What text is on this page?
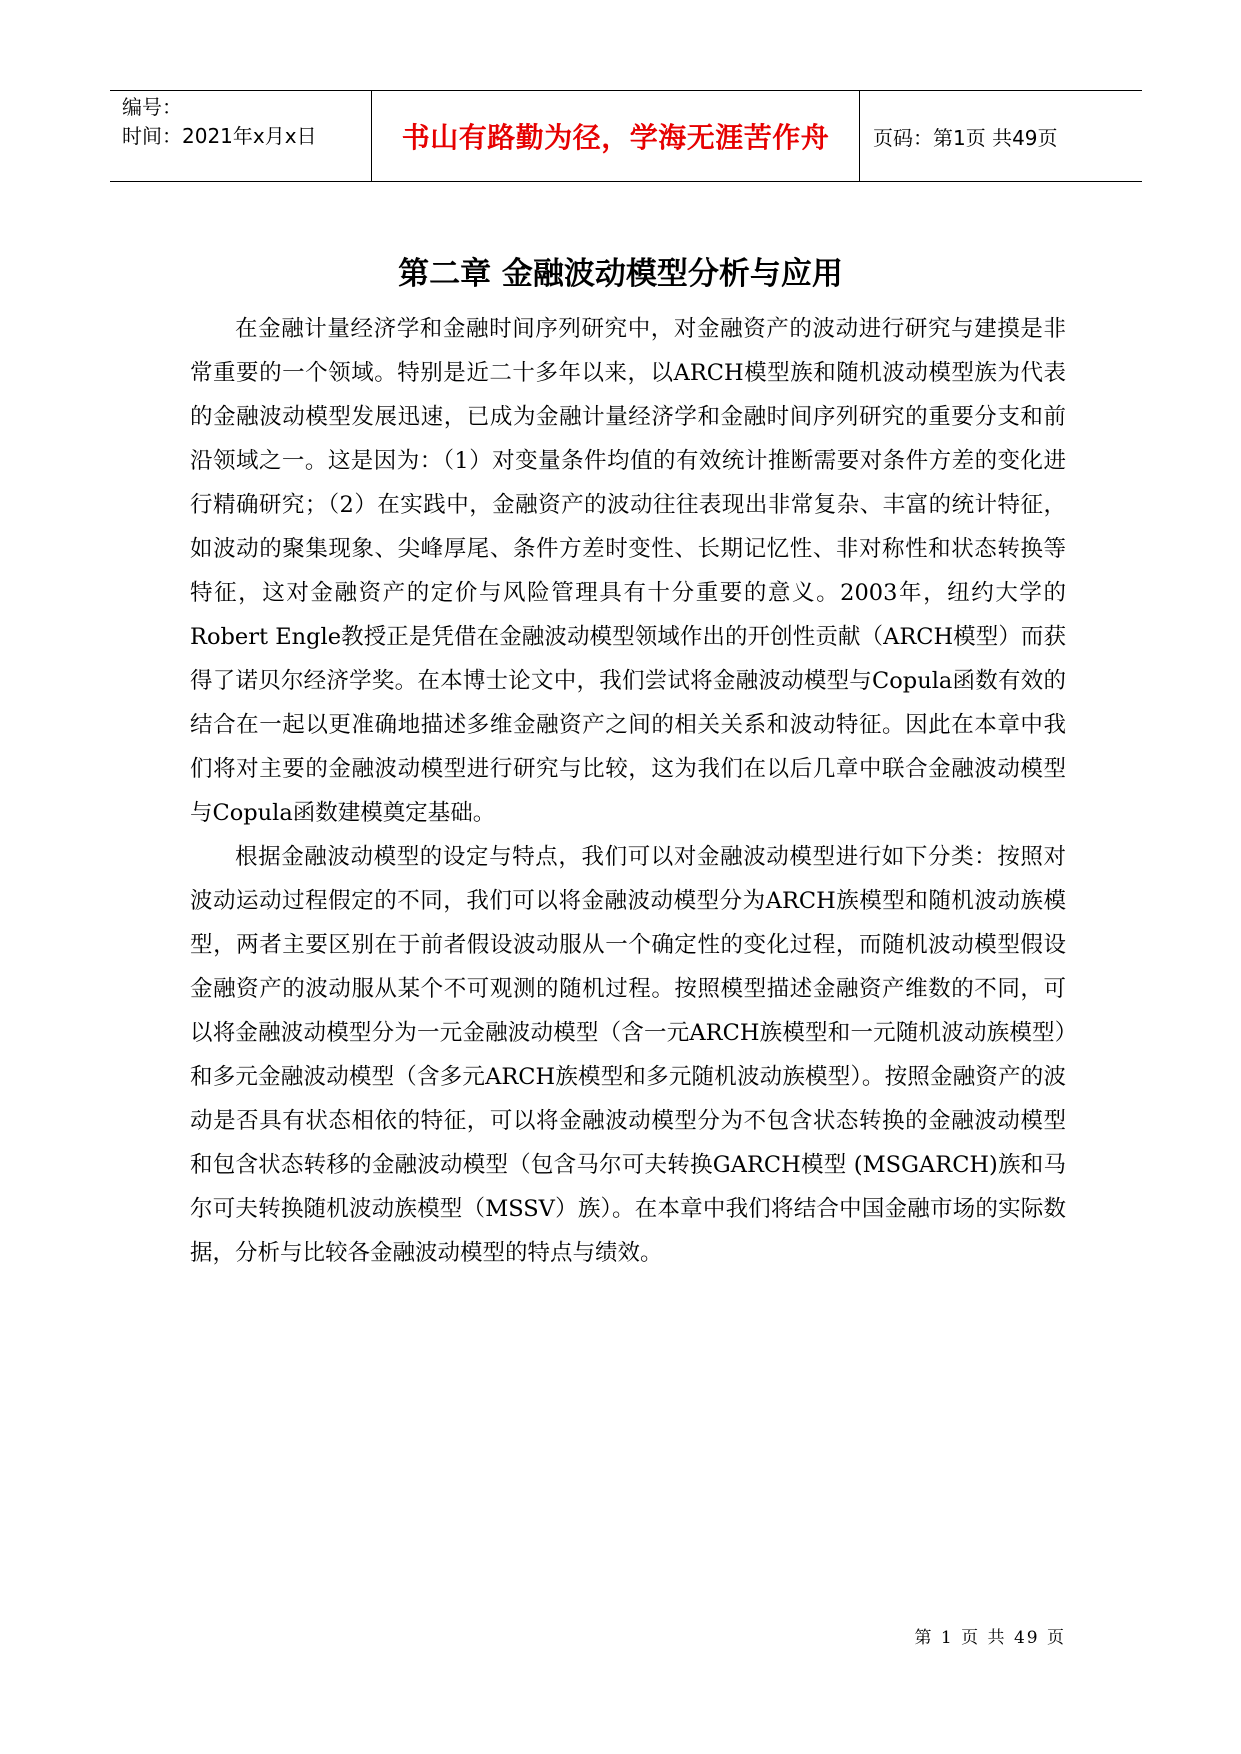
编号：
时间：2021年x月x日	书山有路勤为径，学海无涯苦作舟	页码：第1页 共49页
第二章 金融波动模型分析与应用

在金融计量经济学和金融时间序列研究中，对金融资产的波动进行研究与建摸是非常重要的一个领域。特别是近二十多年以来，以ARCH模型族和随机波动模型族为代表的金融波动模型发展迅速，已成为金融计量经济学和金融时间序列研究的重要分支和前沿领域之一。这是因为：（1）对变量条件均值的有效统计推断需要对条件方差的变化进行精确研究；（2）在实践中，金融资产的波动往往表现出非常复杂、丰富的统计特征，如波动的聚集现象、尖峰厚尾、条件方差时变性、长期记忆性、非对称性和状态转换等特征，这对金融资产的定价与风险管理具有十分重要的意义。2003年，纽约大学的Robert Engle教授正是凭借在金融波动模型领域作出的开创性贡献（ARCH模型）而获得了诺贝尔经济学奖。在本博士论文中，我们尝试将金融波动模型与Copula函数有效的结合在一起以更准确地描述多维金融资产之间的相关关系和波动特征。因此在本章中我们将对主要的金融波动模型进行研究与比较，这为我们在以后几章中联合金融波动模型与Copula函数建模奠定基础。

根据金融波动模型的设定与特点，我们可以对金融波动模型进行如下分类：按照对波动运动过程假定的不同，我们可以将金融波动模型分为ARCH族模型和随机波动族模型，两者主要区别在于前者假设波动服从一个确定性的变化过程，而随机波动模型假设金融资产的波动服从某个不可观测的随机过程。按照模型描述金融资产维数的不同，可以将金融波动模型分为一元金融波动模型（含一元ARCH族模型和一元随机波动族模型）和多元金融波动模型（含多元ARCH族模型和多元随机波动族模型）。按照金融资产的波动是否具有状态相依的特征，可以将金融波动模型分为不包含状态转换的金融波动模型和包含状态转移的金融波动模型（包含马尔可夫转换GARCH模型 (MSGARCH)族和马尔可夫转换随机波动族模型（MSSV）族）。在本章中我们将结合中国金融市场的实际数据，分析与比较各金融波动模型的特点与绩效。

第 1 页 共 49 页
